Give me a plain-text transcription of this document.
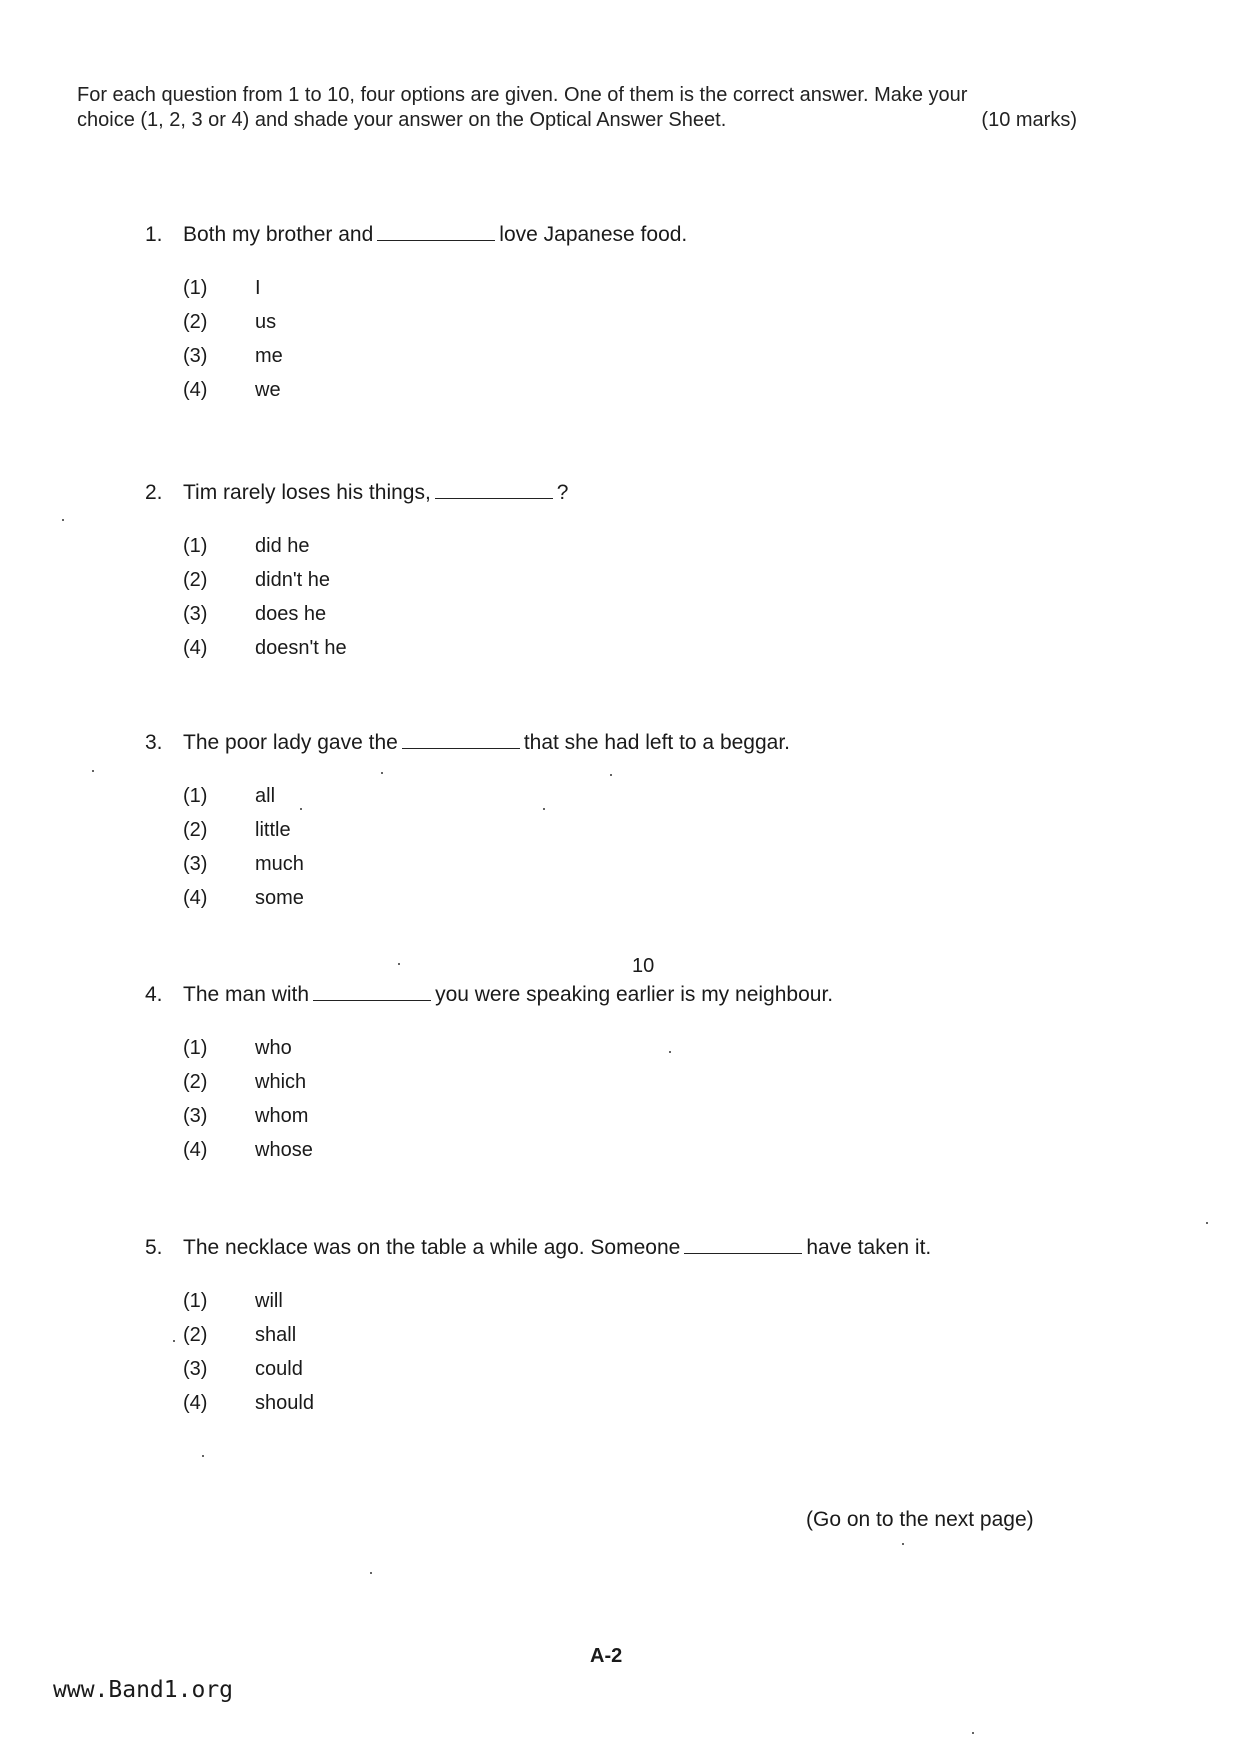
For each question from 1 to 10, four options are given. One of them is the correct answer. Make your
choice (1, 2, 3 or 4) and shade your answer on the Optical Answer Sheet.	(10 marks)
1. Both my brother and	love Japanese food.
(1) I
(2) us
(3) me
(4) we
2. Tim rarely loses his things,	?
(1) did he
(2) didn't he
(3) does he
(4) doesn't he
3. The poor lady gave the	that she had left to a beggar.
(1) all
(2) little
(3) much
(4) some
4. The man with	you were speaking earlier is my neighbour.
(1) who
(2) which
(3) whom
(4) whose
5. The necklace was on the table a while ago. Someone	have taken it.
(1) will
(2) shall
(3) could
(4) should
10
(Go on to the next page)
A-2
www.Band1.org
